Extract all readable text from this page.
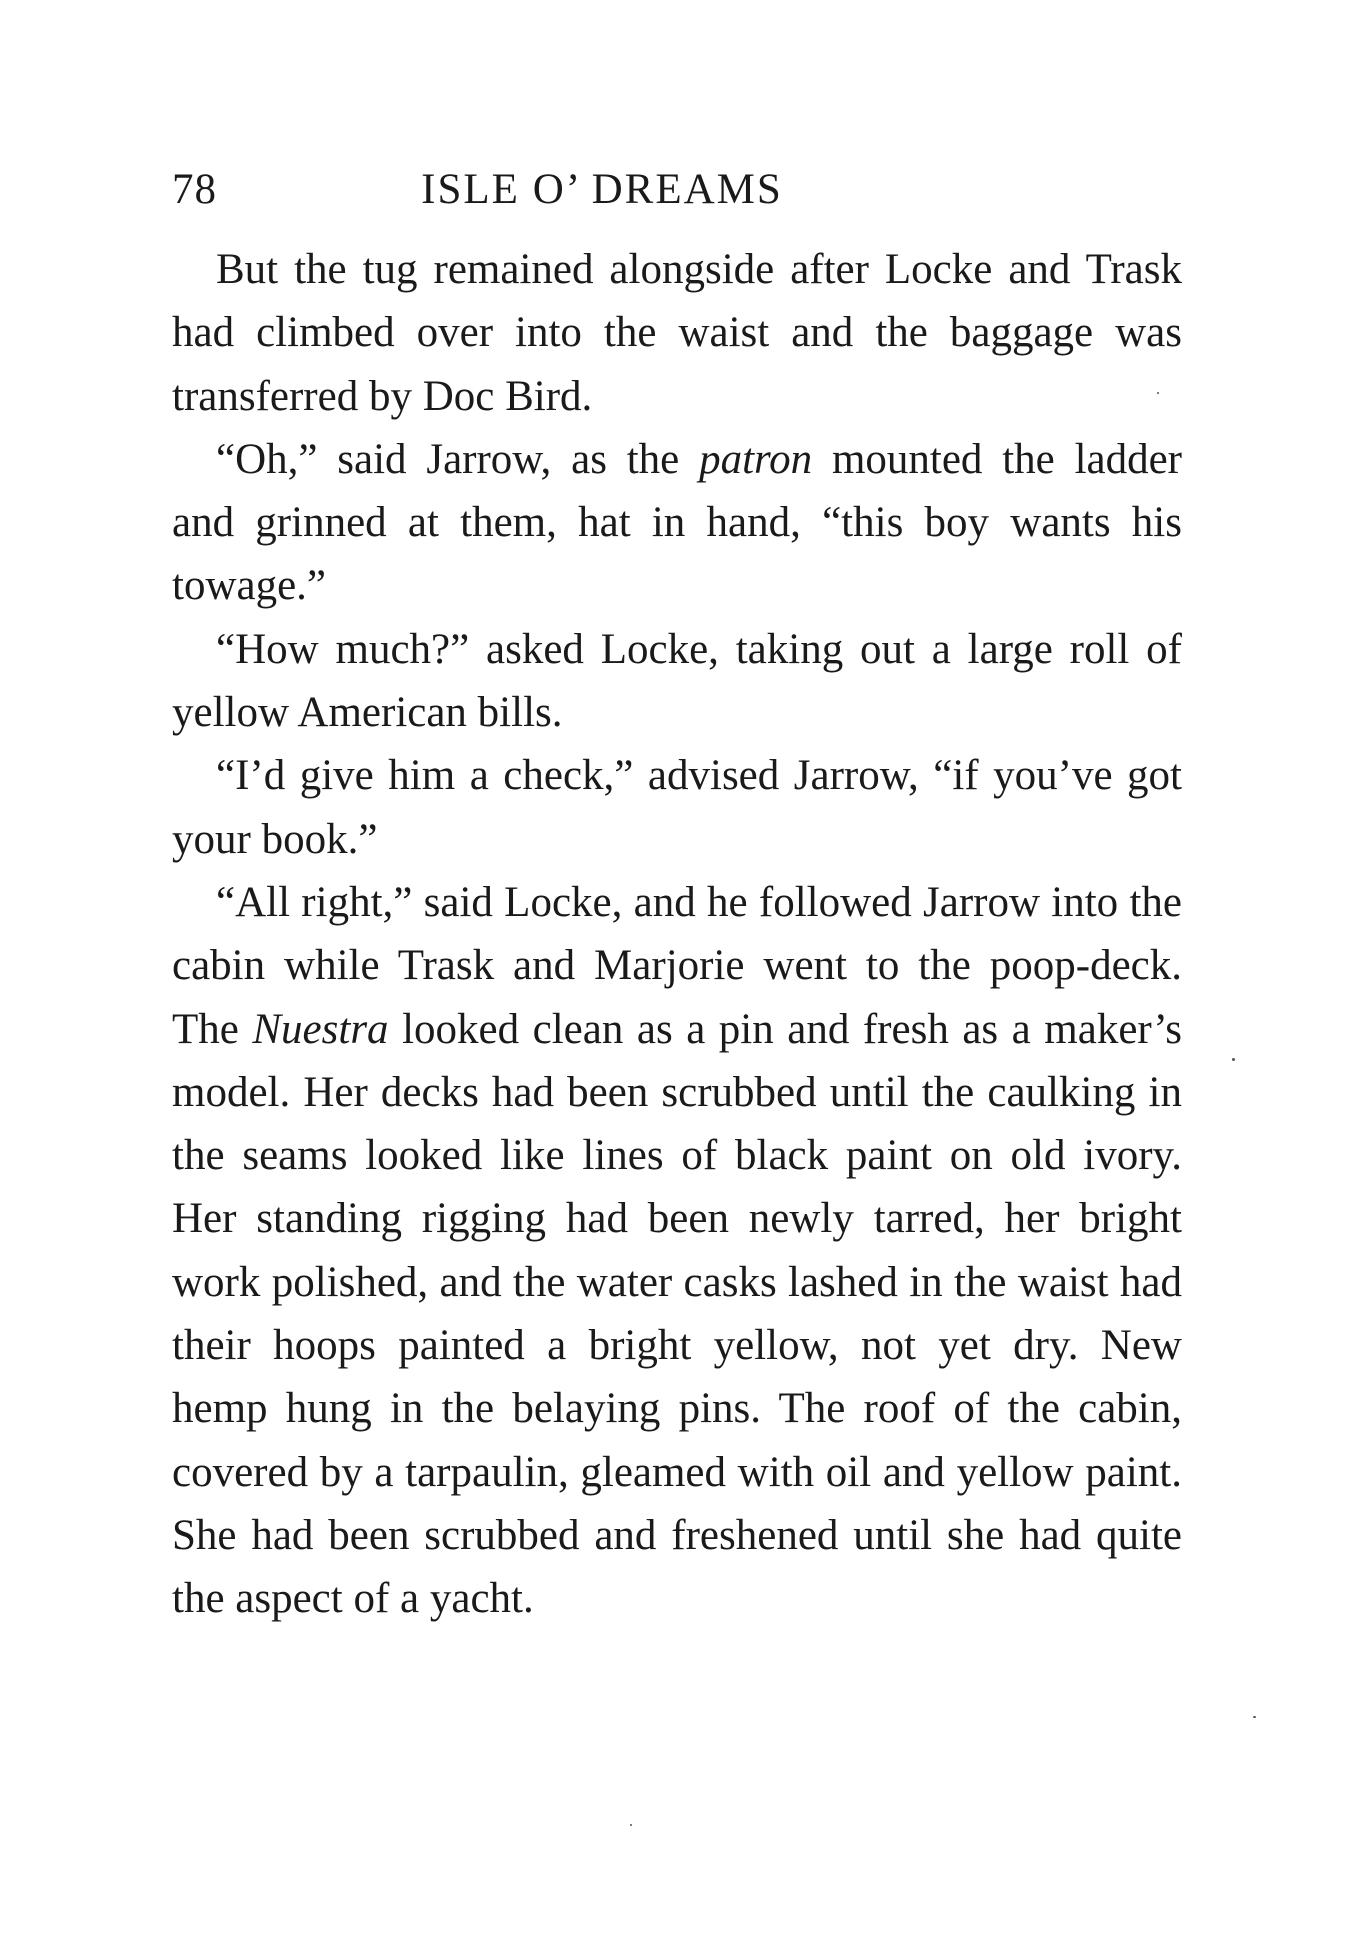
78	ISLE O’ DREAMS

But the tug remained alongside after Locke and Trask had climbed over into the waist and the baggage was transferred by Doc Bird.

“Oh,” said Jarrow, as the patron mounted the ladder and grinned at them, hat in hand, “this boy wants his towage.”

“How much?” asked Locke, taking out a large roll of yellow American bills.

“I’d give him a check,” advised Jarrow, “if you’ve got your book.”

“All right,” said Locke, and he followed Jarrow into the cabin while Trask and Marjorie went to the poop-deck. The Nuestra looked clean as a pin and fresh as a maker’s model. Her decks had been scrubbed until the caulking in the seams looked like lines of black paint on old ivory. Her standing rigging had been newly tarred, her bright work polished, and the water casks lashed in the waist had their hoops painted a bright yellow, not yet dry. New hemp hung in the belaying pins. The roof of the cabin, covered by a tarpaulin, gleamed with oil and yellow paint. She had been scrubbed and freshened until she had quite the aspect of a yacht.
